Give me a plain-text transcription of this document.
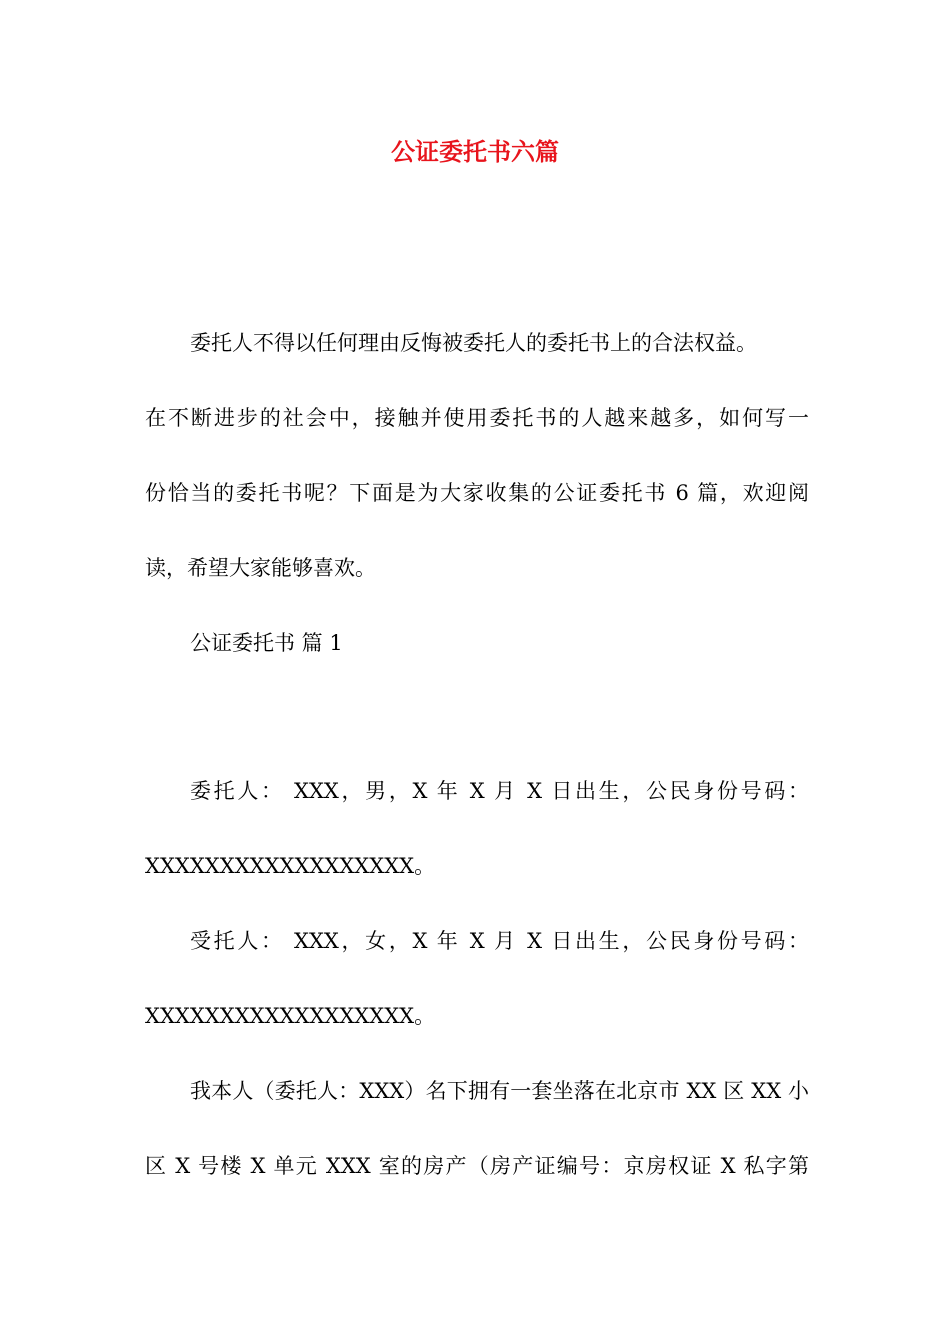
公证委托书六篇
委托人不得以任何理由反悔被委托人的委托书上的合法权益。
在不断进步的社会中，接触并使用委托书的人越来越多，如何写一
份恰当的委托书呢？下面是为大家收集的公证委托书 6 篇，欢迎阅
读，希望大家能够喜欢。
公证委托书 篇 1
委托人： XXX，男，X 年 X 月 X 日出生，公民身份号码：
XXXXXXXXXXXXXXXXXX。
受托人： XXX，女，X 年 X 月 X 日出生，公民身份号码：
XXXXXXXXXXXXXXXXXX。
我本人（委托人：XXX）名下拥有一套坐落在北京市 XX 区 XX 小
区 X 号楼 X 单元 XXX 室的房产（房产证编号：京房权证 X 私字第
